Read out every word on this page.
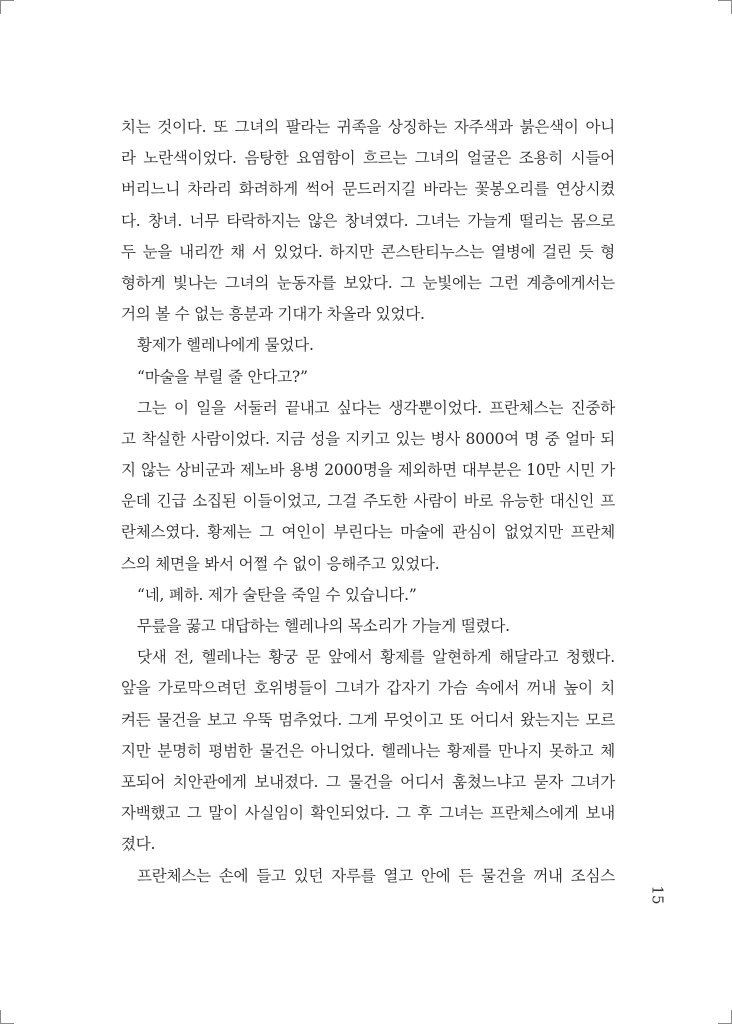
치는 것이다. 또 그녀의 팔라는 귀족을 상징하는 자주색과 붉은색이 아니
라 노란색이었다. 음탕한 요염함이 흐르는 그녀의 얼굴은 조용히 시들어
버리느니 차라리 화려하게 썩어 문드러지길 바라는 꽃봉오리를 연상시켰
다. 창녀. 너무 타락하지는 않은 창녀였다. 그녀는 가늘게 떨리는 몸으로
두 눈을 내리깐 채 서 있었다. 하지만 콘스탄티누스는 열병에 걸린 듯 형
형하게 빛나는 그녀의 눈동자를 보았다. 그 눈빛에는 그런 계층에게서는
거의 볼 수 없는 흥분과 기대가 차올라 있었다.
황제가 헬레나에게 물었다.
“마술을 부릴 줄 안다고?”
그는 이 일을 서둘러 끝내고 싶다는 생각뿐이었다. 프란체스는 진중하
고 착실한 사람이었다. 지금 성을 지키고 있는 병사 8000여 명 중 얼마 되
지 않는 상비군과 제노바 용병 2000명을 제외하면 대부분은 10만 시민 가
운데 긴급 소집된 이들이었고, 그걸 주도한 사람이 바로 유능한 대신인 프
란체스였다. 황제는 그 여인이 부린다는 마술에 관심이 없었지만 프란체
스의 체면을 봐서 어쩔 수 없이 응해주고 있었다.
“네, 폐하. 제가 술탄을 죽일 수 있습니다.”
무릎을 꿇고 대답하는 헬레나의 목소리가 가늘게 떨렸다.
닷새 전, 헬레나는 황궁 문 앞에서 황제를 알현하게 해달라고 청했다.
앞을 가로막으려던 호위병들이 그녀가 갑자기 가슴 속에서 꺼내 높이 치
켜든 물건을 보고 우뚝 멈추었다. 그게 무엇이고 또 어디서 왔는지는 모르
지만 분명히 평범한 물건은 아니었다. 헬레나는 황제를 만나지 못하고 체
포되어 치안관에게 보내졌다. 그 물건을 어디서 훔쳤느냐고 묻자 그녀가
자백했고 그 말이 사실임이 확인되었다. 그 후 그녀는 프란체스에게 보내
졌다.
프란체스는 손에 들고 있던 자루를 열고 안에 든 물건을 꺼내 조심스
15
